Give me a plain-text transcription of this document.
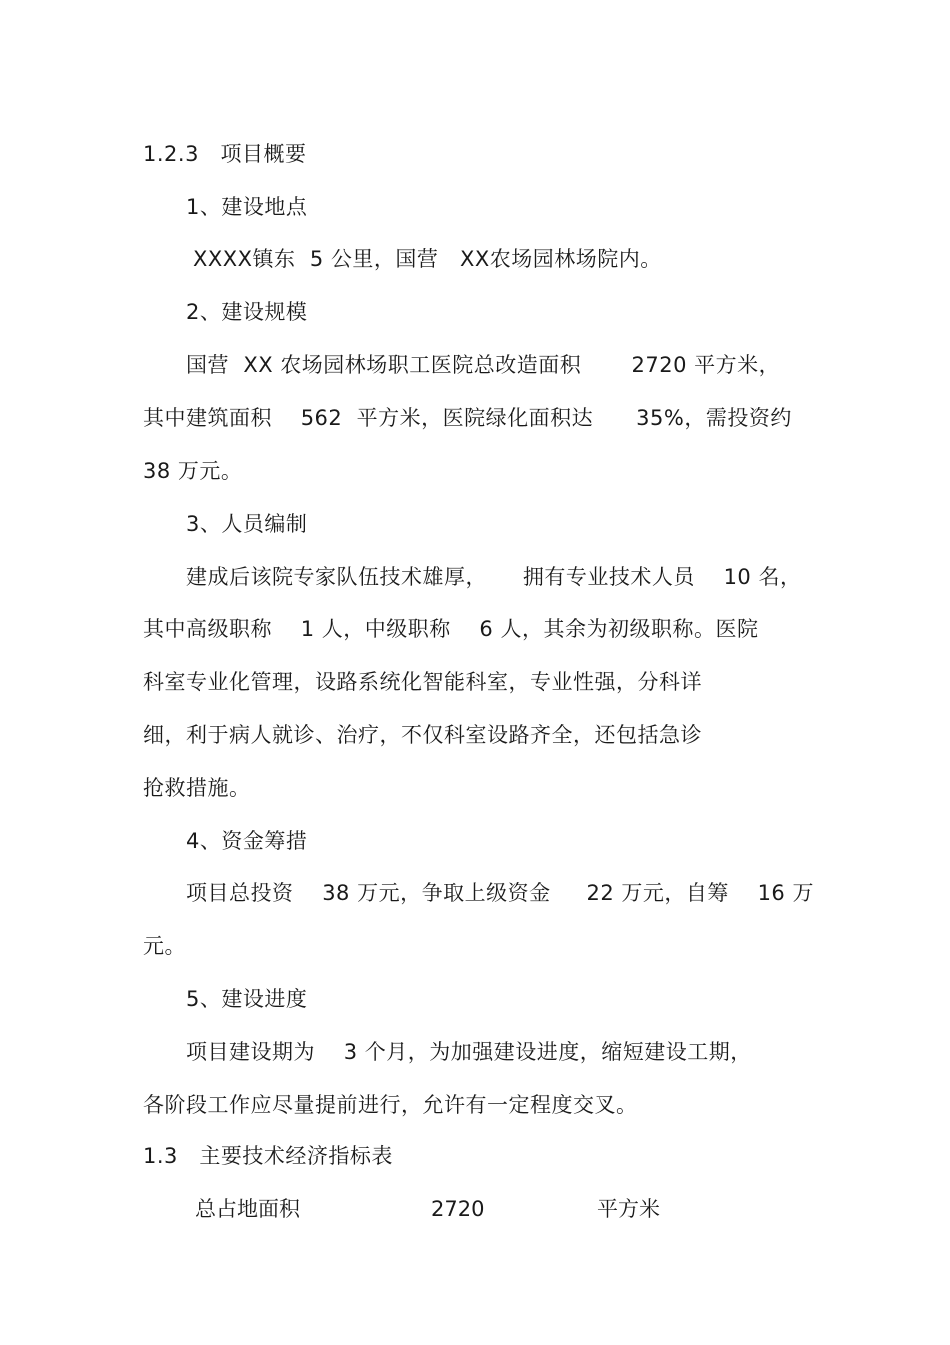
1.2.3   项目概要
1、建设地点
XXXX镇东  5 公里，国营   XX农场园林场院内。
2、建设规模
国营  XX 农场园林场职工医院总改造面积       2720 平方米，
其中建筑面积    562  平方米，医院绿化面积达      35%，需投资约
38 万元。
3、人员编制
建成后该院专家队伍技术雄厚，     拥有专业技术人员    10 名，
其中高级职称    1 人，中级职称    6 人，其余为初级职称。医院
科室专业化管理，设路系统化智能科室，专业性强，分科详
细，利于病人就诊、治疗，不仅科室设路齐全，还包括急诊
抢救措施。
4、资金筹措
项目总投资    38 万元，争取上级资金     22 万元，自筹    16 万
元。
5、建设进度
项目建设期为    3 个月，为加强建设进度，缩短建设工期，
各阶段工作应尽量提前进行，允许有一定程度交叉。
1.3   主要技术经济指标表
总占地面积	2720	平方米
